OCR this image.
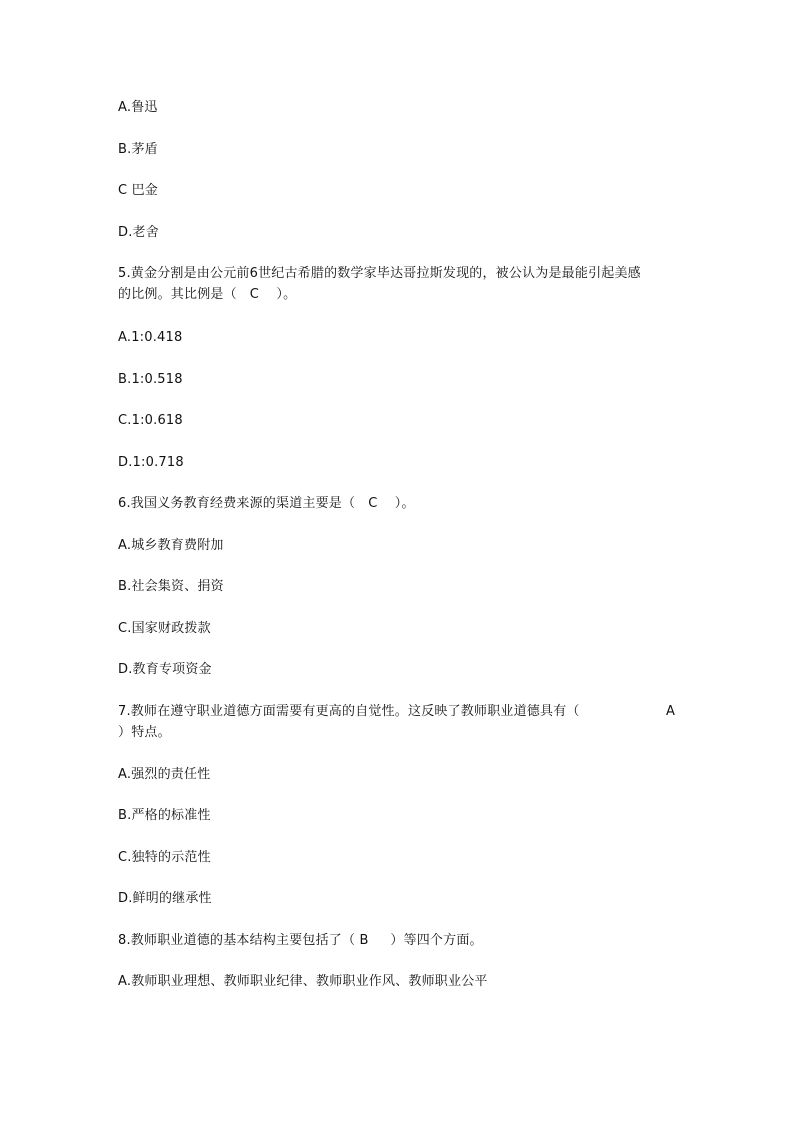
A.鲁迅
B.茅盾
C 巴金
D.老舍
5.黄金分割是由公元前6世纪古希腊的数学家毕达哥拉斯发现的，被公认为是最能引起美感
的比例。其比例是（   C    ）。
A.1:0.418
B.1:0.518
C.1:0.618
D.1:0.718
6.我国义务教育经费来源的渠道主要是（   C    ）。
A.城乡教育费附加
B.社会集资、捐资
C.国家财政拨款
D.教育专项资金
7.教师在遵守职业道德方面需要有更高的自觉性。这反映了教师职业道德具有（	A
）特点。
A.强烈的责任性
B.严格的标准性
C.独特的示范性
D.鲜明的继承性
8.教师职业道德的基本结构主要包括了（ B     ）等四个方面。
A.教师职业理想、教师职业纪律、教师职业作风、教师职业公平
